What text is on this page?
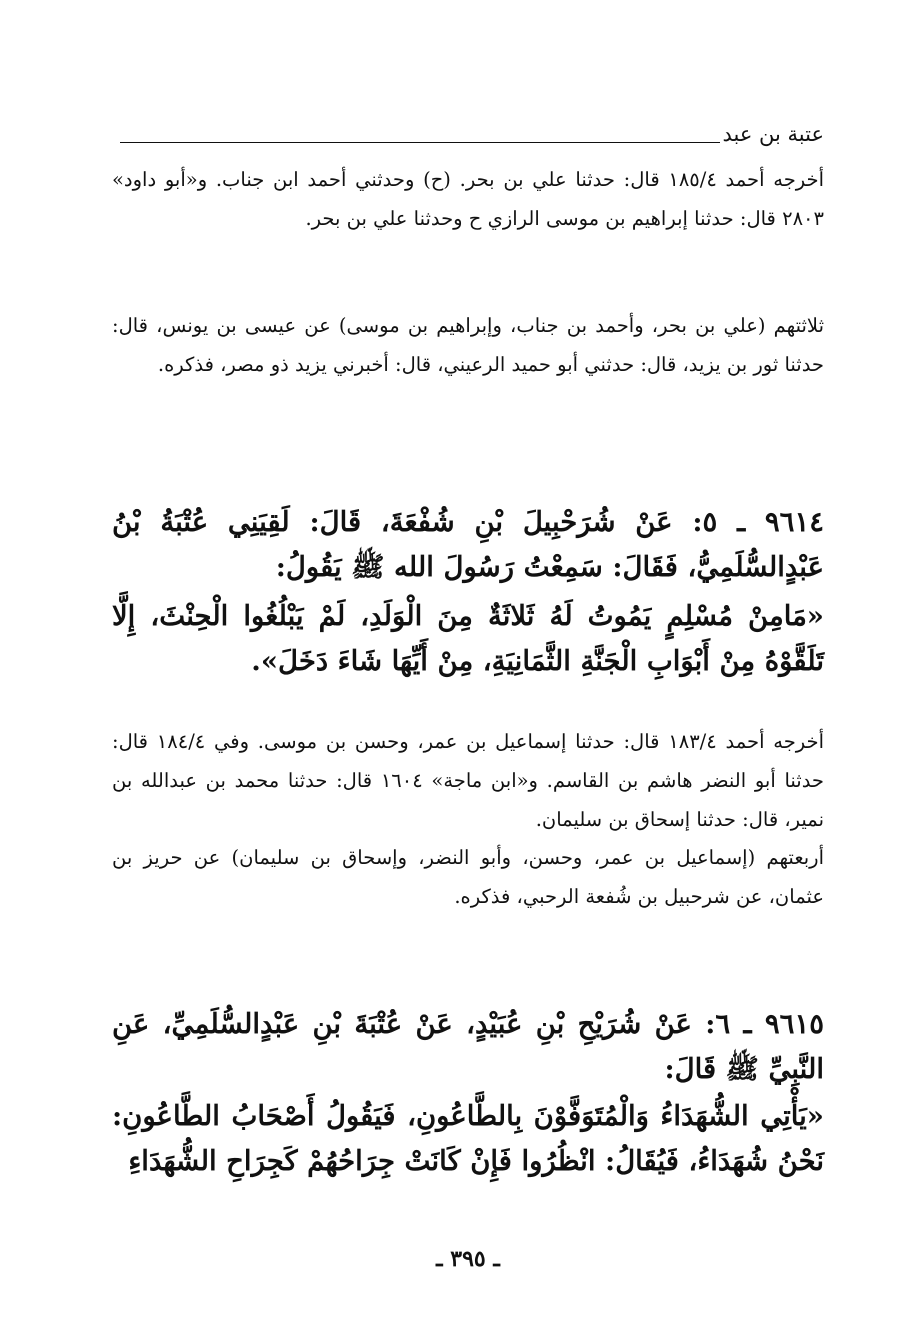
عتبة بن عبد

أخرجه أحمد ١٨٥/٤ قال: حدثنا علي بن بحر. (ح) وحدثني أحمد ابن جناب. و«أبو داود» ٢٨٠٣ قال: حدثنا إبراهيم بن موسى الرازي ح وحدثنا علي بن بحر.

ثلاثتهم (علي بن بحر، وأحمد بن جناب، وإبراهيم بن موسى) عن عيسى بن يونس، قال: حدثنا ثور بن يزيد، قال: حدثني أبو حميد الرعيني، قال: أخبرني يزيد ذو مصر، فذكره.

٩٦١٤ ـ ٥: عَنْ شُرَحْبِيلَ بْنِ شُفْعَةَ، قَالَ: لَقِيَنِي عُتْبَةُ بْنُ عَبْدٍالسُّلَمِيُّ، فَقَالَ: سَمِعْتُ رَسُولَ الله ﷺ يَقُولُ:

«مَامِنْ مُسْلِمٍ يَمُوتُ لَهُ ثَلاثَةٌ مِنَ الْوَلَدِ، لَمْ يَبْلُغُوا الْحِنْثَ، إِلَّا تَلَقَّوْهُ مِنْ أَبْوَابِ الْجَنَّةِ الثَّمَانِيَةِ، مِنْ أَيِّهَا شَاءَ دَخَلَ».

أخرجه أحمد ١٨٣/٤ قال: حدثنا إسماعيل بن عمر، وحسن بن موسى. وفي ١٨٤/٤ قال: حدثنا أبو النضر هاشم بن القاسم. و«ابن ماجة» ١٦٠٤ قال: حدثنا محمد بن عبدالله بن نمير، قال: حدثنا إسحاق بن سليمان.

أربعتهم (إسماعيل بن عمر، وحسن، وأبو النضر، وإسحاق بن سليمان) عن حريز بن عثمان، عن شرحبيل بن شُفعة الرحبي، فذكره.

٩٦١٥ ـ ٦: عَنْ شُرَيْحِ بْنِ عُبَيْدٍ، عَنْ عُتْبَةَ بْنِ عَبْدٍالسُّلَمِيِّ، عَنِ النَّبِيِّ ﷺ قَالَ:

«يَأْتِي الشُّهَدَاءُ وَالْمُتَوَفَّوْنَ بِالطَّاعُونِ، فَيَقُولُ أَصْحَابُ الطَّاعُونِ: نَحْنُ شُهَدَاءُ، فَيُقَالُ: انْظُرُوا فَإِنْ كَانَتْ جِرَاحُهُمْ كَجِرَاحِ الشُّهَدَاءِ

ـ ٣٩٥ ـ
